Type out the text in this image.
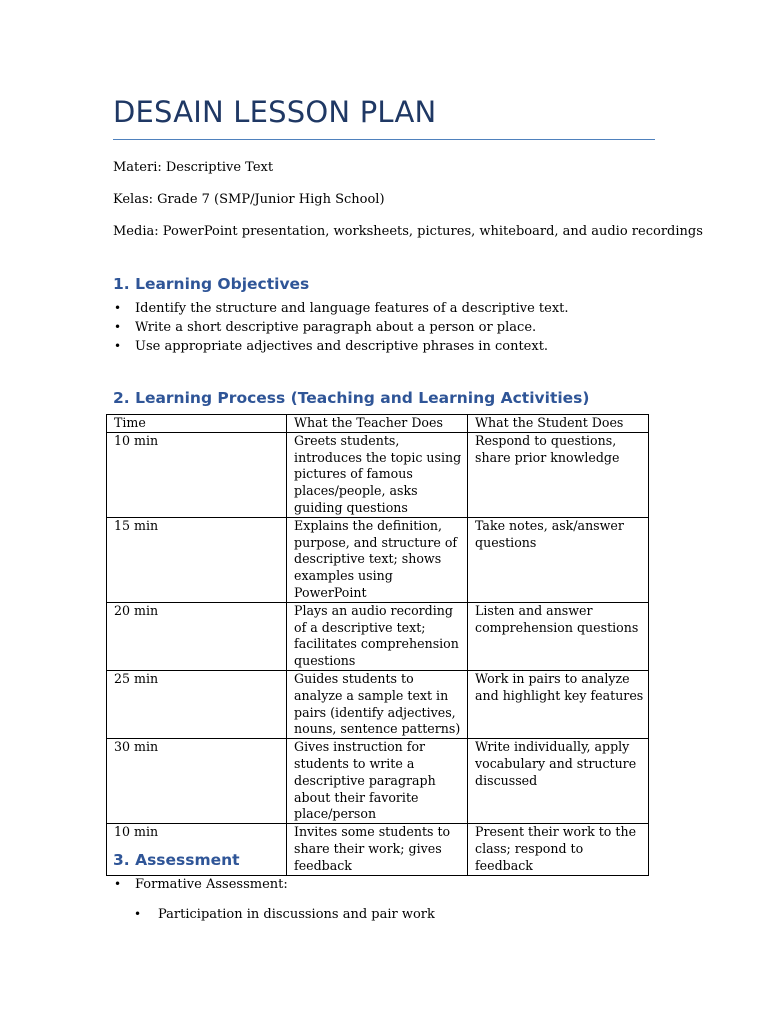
DESAIN LESSON PLAN
Materi: Descriptive Text
Kelas: Grade 7 (SMP/Junior High School)
Media: PowerPoint presentation, worksheets, pictures, whiteboard, and audio recordings
1. Learning Objectives
• Identify the structure and language features of a descriptive text.
• Write a short descriptive paragraph about a person or place.
• Use appropriate adjectives and descriptive phrases in context.
2. Learning Process (Teaching and Learning Activities)
Time	What the Teacher Does	What the Student Does
10 min	Greets students, introduces the topic using pictures of famous places/people, asks guiding questions	Respond to questions, share prior knowledge
15 min	Explains the definition, purpose, and structure of descriptive text; shows examples using PowerPoint	Take notes, ask/answer questions
20 min	Plays an audio recording of a descriptive text; facilitates comprehension questions	Listen and answer comprehension questions
25 min	Guides students to analyze a sample text in pairs (identify adjectives, nouns, sentence patterns)	Work in pairs to analyze and highlight key features
30 min	Gives instruction for students to write a descriptive paragraph about their favorite place/person	Write individually, apply vocabulary and structure discussed
10 min	Invites some students to share their work; gives feedback	Present their work to the class; respond to feedback
3. Assessment
• Formative Assessment:
• Participation in discussions and pair work
